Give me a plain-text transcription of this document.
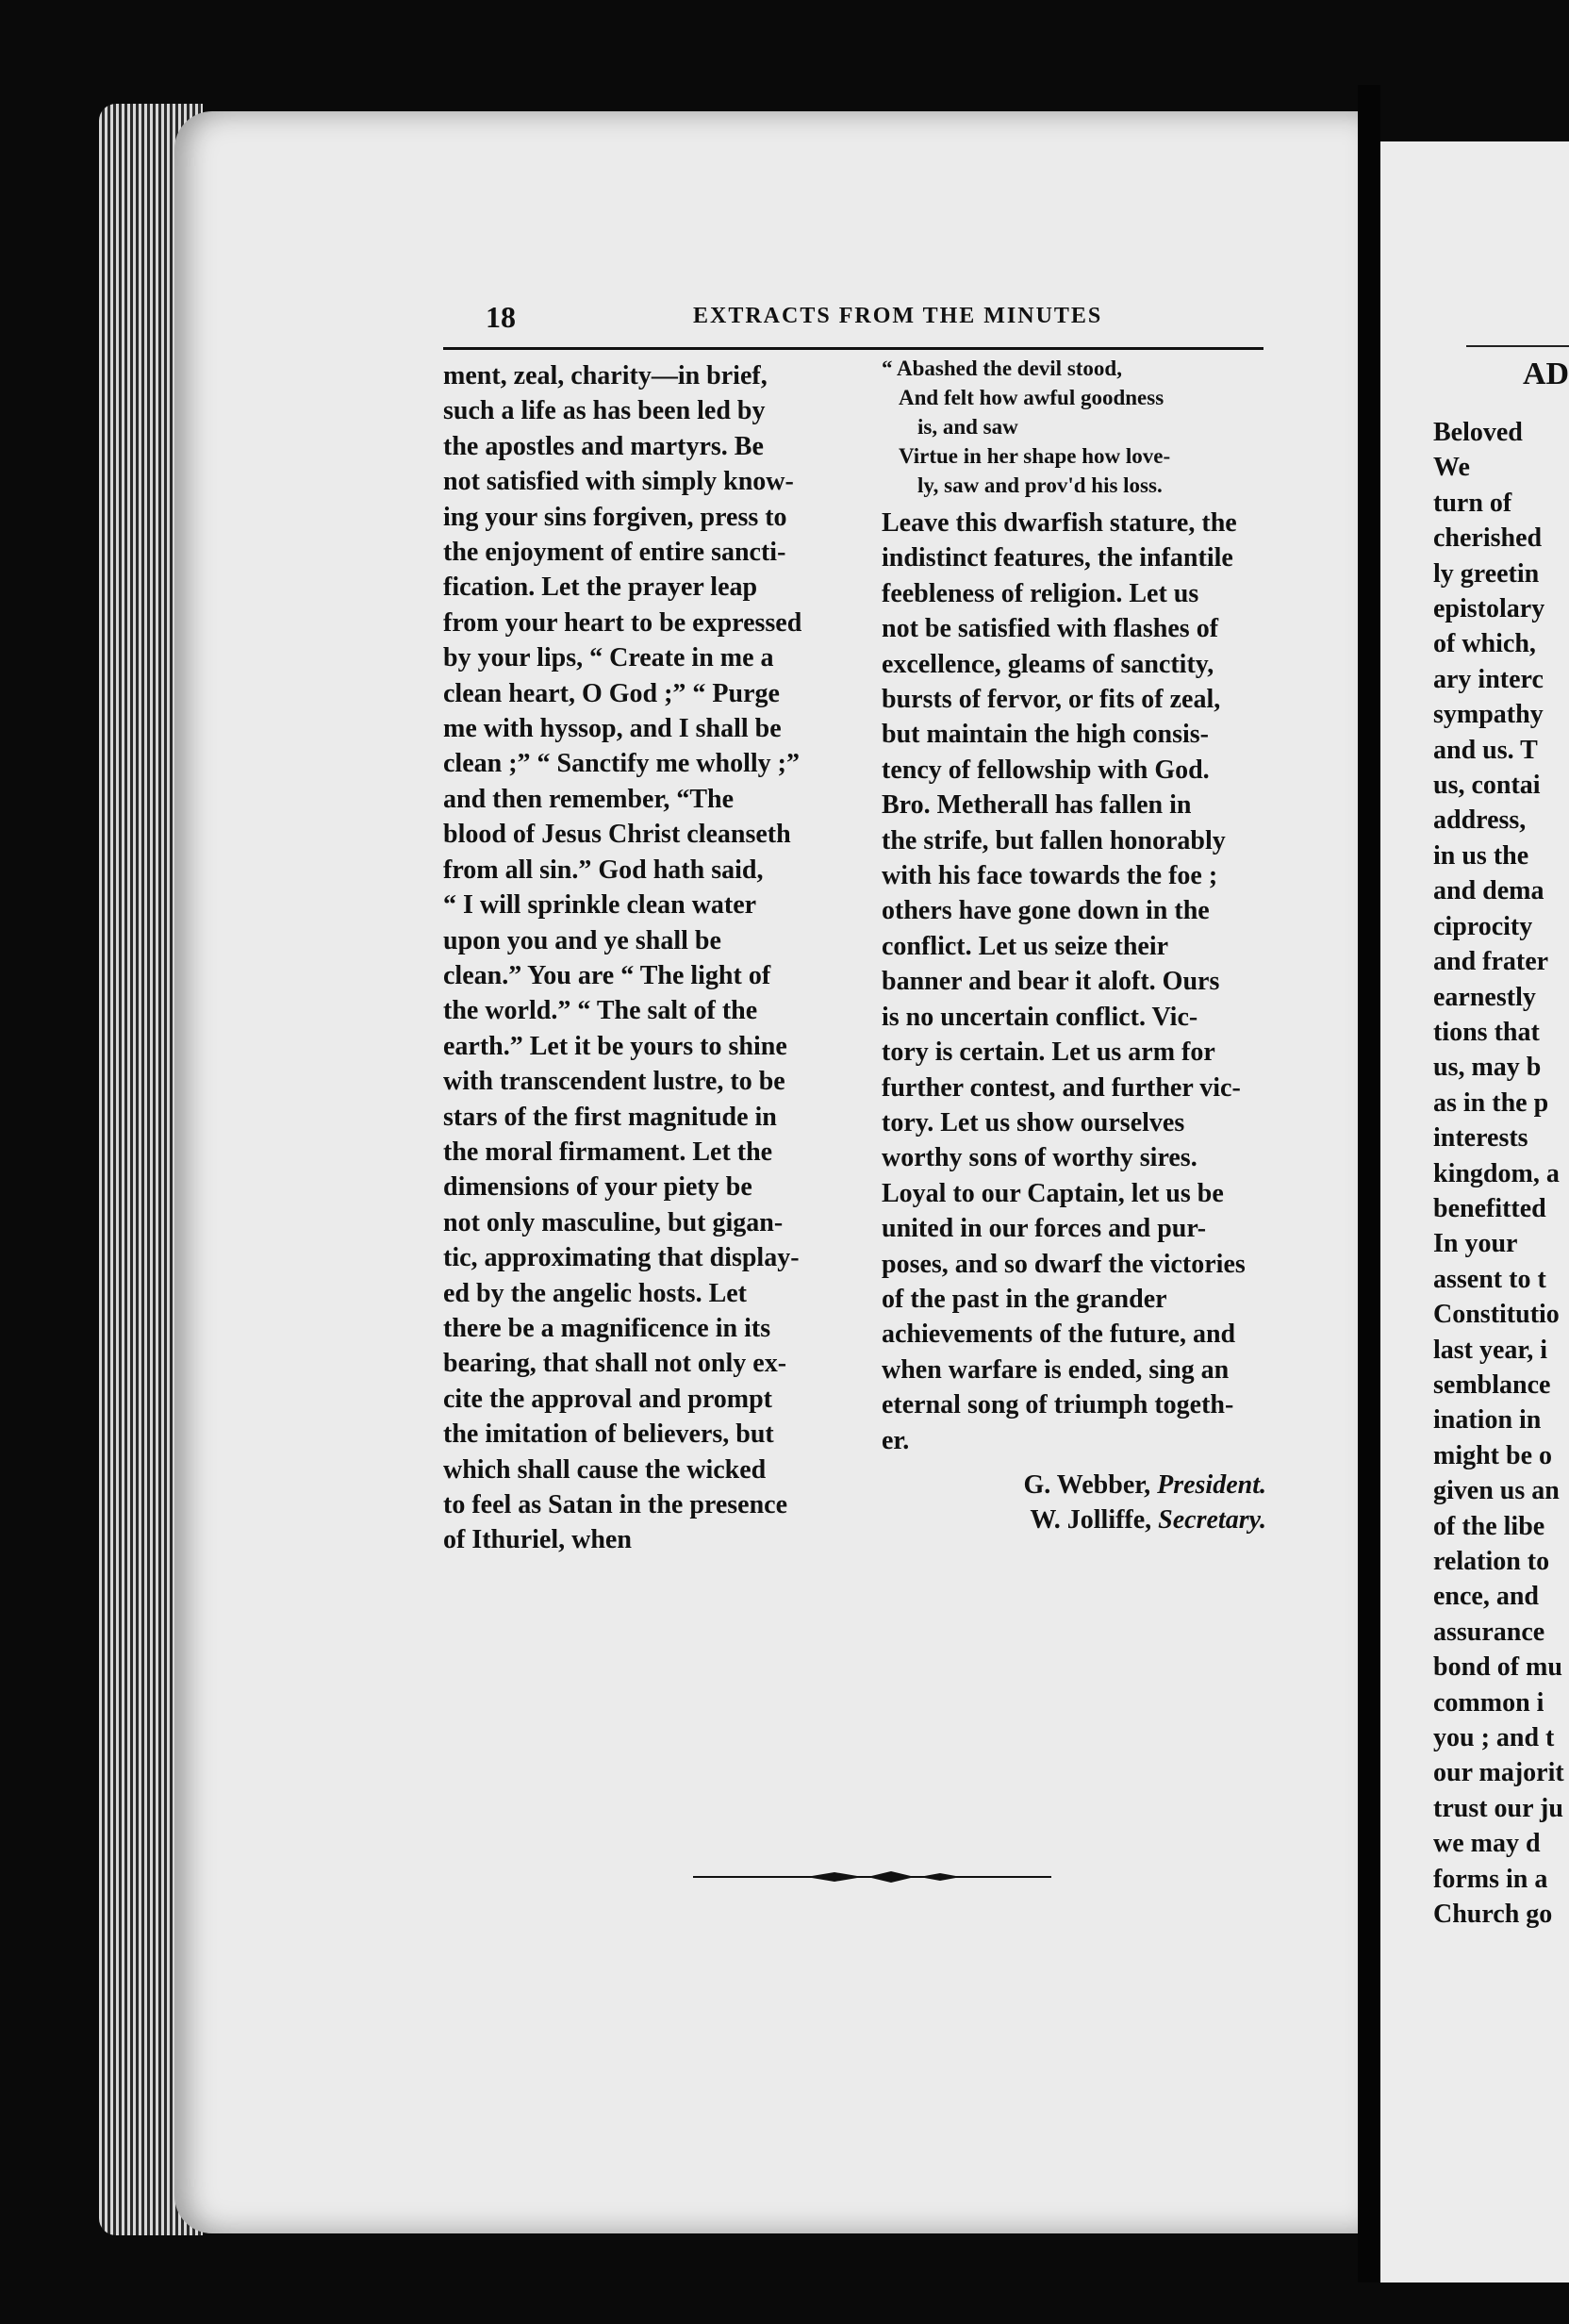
18	EXTRACTS FROM THE MINUTES
ment, zeal, charity—in brief,
such a life as has been led by
the apostles and martyrs. Be
not satisfied with simply know-
ing your sins forgiven, press to
the enjoyment of entire sancti-
fication. Let the prayer leap
from your heart to be expressed
by your lips, “ Create in me a
clean heart, O God ;” “ Purge
me with hyssop, and I shall be
clean ;” “ Sanctify me wholly ;”
and then remember, “The
blood of Jesus Christ cleanseth
from all sin.” God hath said,
“ I will sprinkle clean water
upon you and ye shall be
clean.” You are “ The light of
the world.” “ The salt of the
earth.” Let it be yours to shine
with transcendent lustre, to be
stars of the first magnitude in
the moral firmament. Let the
dimensions of your piety be
not only masculine, but gigan-
tic, approximating that display-
ed by the angelic hosts. Let
there be a magnificence in its
bearing, that shall not only ex-
cite the approval and prompt
the imitation of believers, but
which shall cause the wicked
to feel as Satan in the presence
of Ithuriel, when
“ Abashed the devil stood,
And felt how awful goodness
is, and saw
Virtue in her shape how love-
ly, saw and prov'd his loss.
Leave this dwarfish stature, the
indistinct features, the infantile
feebleness of religion. Let us
not be satisfied with flashes of
excellence, gleams of sanctity,
bursts of fervor, or fits of zeal,
but maintain the high consis-
tency of fellowship with God.
Bro. Metherall has fallen in
the strife, but fallen honorably
with his face towards the foe ;
others have gone down in the
conflict. Let us seize their
banner and bear it aloft. Ours
is no uncertain conflict. Vic-
tory is certain. Let us arm for
further contest, and further vic-
tory. Let us show ourselves
worthy sons of worthy sires.
Loyal to our Captain, let us be
united in our forces and pur-
poses, and so dwarf the victories
of the past in the grander
achievements of the future, and
when warfare is ended, sing an
eternal song of triumph togeth-
er.
G. Webber, President.
W. Jolliffe, Secretary.
AD
Beloved
We
turn of
cherished
ly greetin
epistolary
of which,
ary interc
sympathy
and us. T
us, contai
address,
in us the
and dema
ciprocity
and frater
earnestly
tions that
us, may b
as in the p
interests
kingdom, a
benefitted
In your
assent to t
Constitutio
last year, i
semblance
ination in
might be o
given us an
of the libe
relation to
ence, and
assurance
bond of mu
common i
you ; and t
our majorit
trust our ju
we may d
forms in a
Church go
